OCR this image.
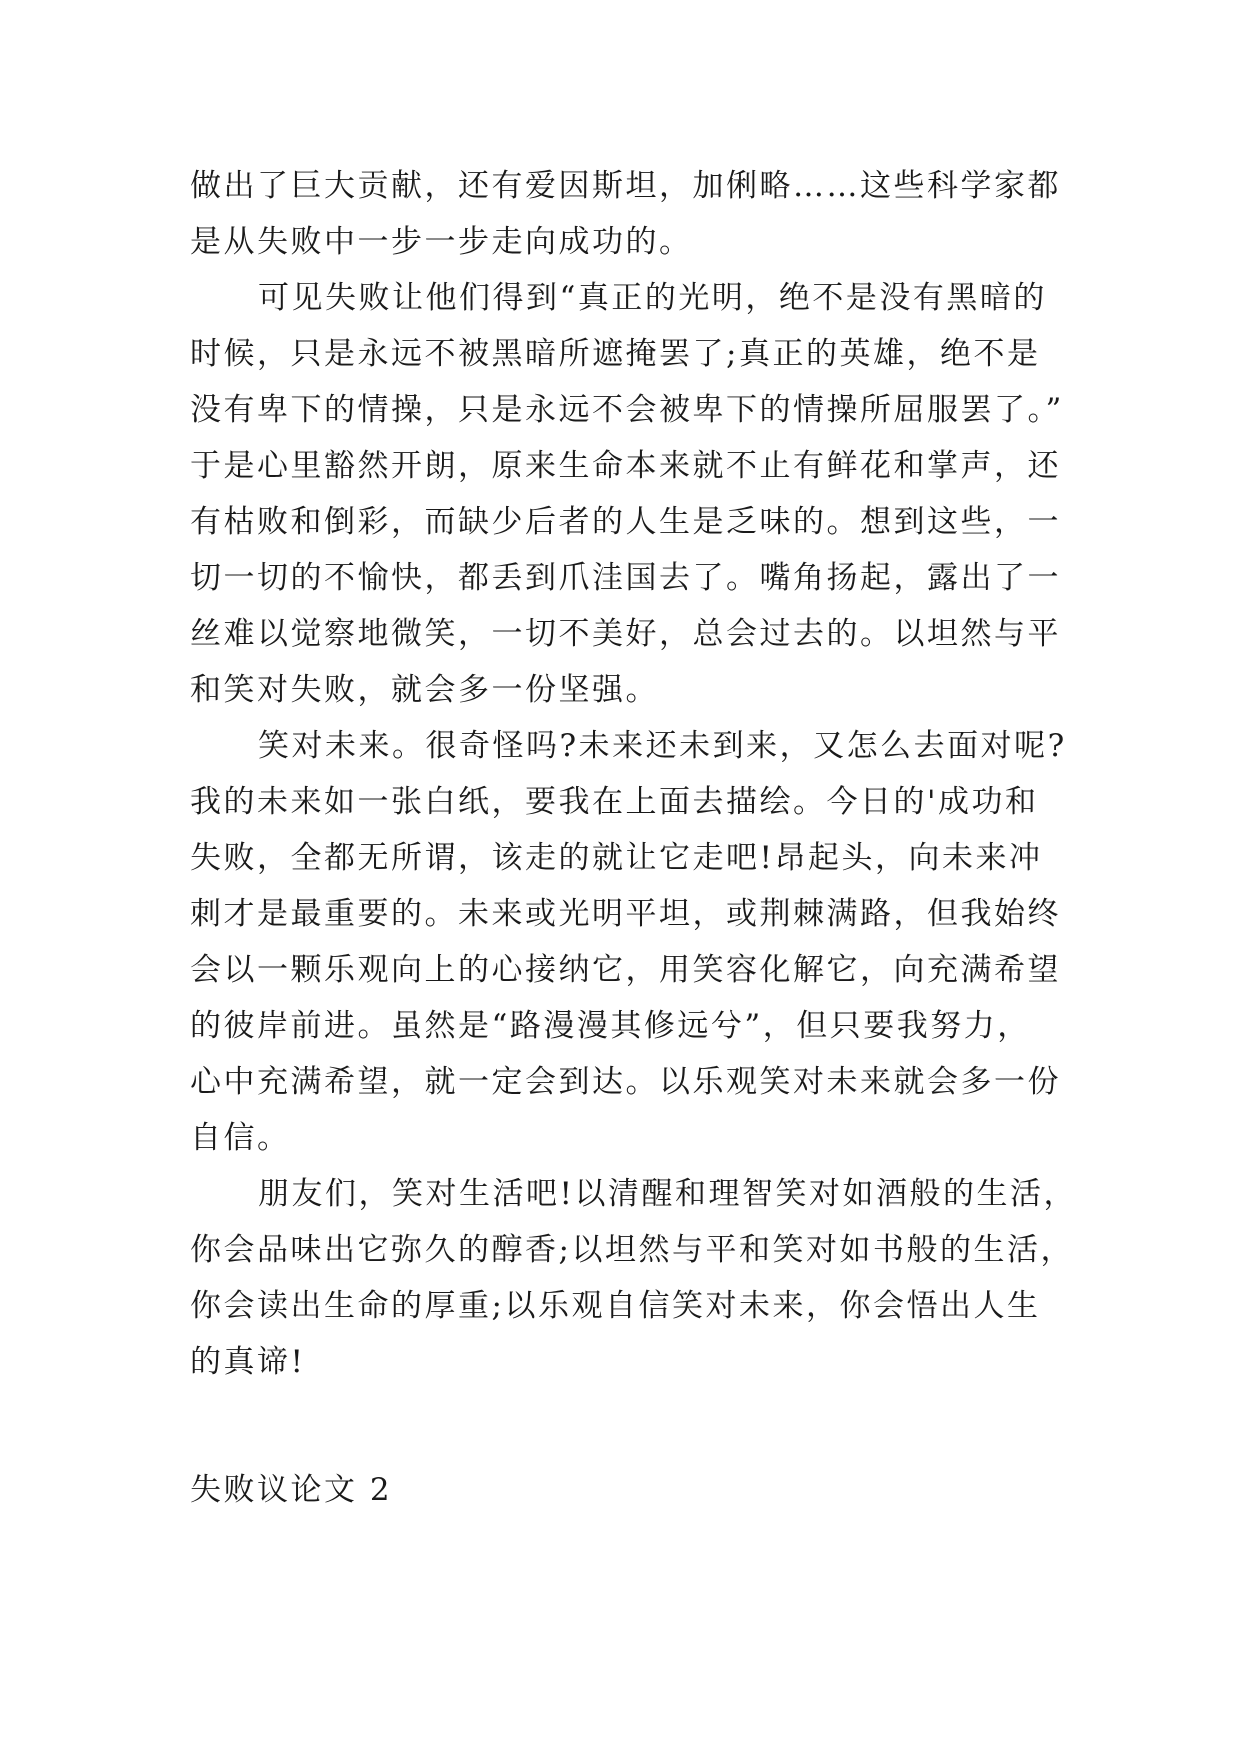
做出了巨大贡献，还有爱因斯坦，加俐略……这些科学家都
是从失败中一步一步走向成功的。
可见失败让他们得到“真正的光明，绝不是没有黑暗的
时候，只是永远不被黑暗所遮掩罢了;真正的英雄，绝不是
没有卑下的情操，只是永远不会被卑下的情操所屈服罢了。”
于是心里豁然开朗，原来生命本来就不止有鲜花和掌声，还
有枯败和倒彩，而缺少后者的人生是乏味的。想到这些，一
切一切的不愉快，都丢到爪洼国去了。嘴角扬起，露出了一
丝难以觉察地微笑，一切不美好，总会过去的。以坦然与平
和笑对失败，就会多一份坚强。
笑对未来。很奇怪吗?未来还未到来，又怎么去面对呢?
我的未来如一张白纸，要我在上面去描绘。今日的'成功和
失败，全都无所谓，该走的就让它走吧!昂起头，向未来冲
刺才是最重要的。未来或光明平坦，或荆棘满路，但我始终
会以一颗乐观向上的心接纳它，用笑容化解它，向充满希望
的彼岸前进。虽然是“路漫漫其修远兮”，但只要我努力，
心中充满希望，就一定会到达。以乐观笑对未来就会多一份
自信。
朋友们，笑对生活吧!以清醒和理智笑对如酒般的生活，
你会品味出它弥久的醇香;以坦然与平和笑对如书般的生活，
你会读出生命的厚重;以乐观自信笑对未来，你会悟出人生
的真谛!
失败议论文 2
